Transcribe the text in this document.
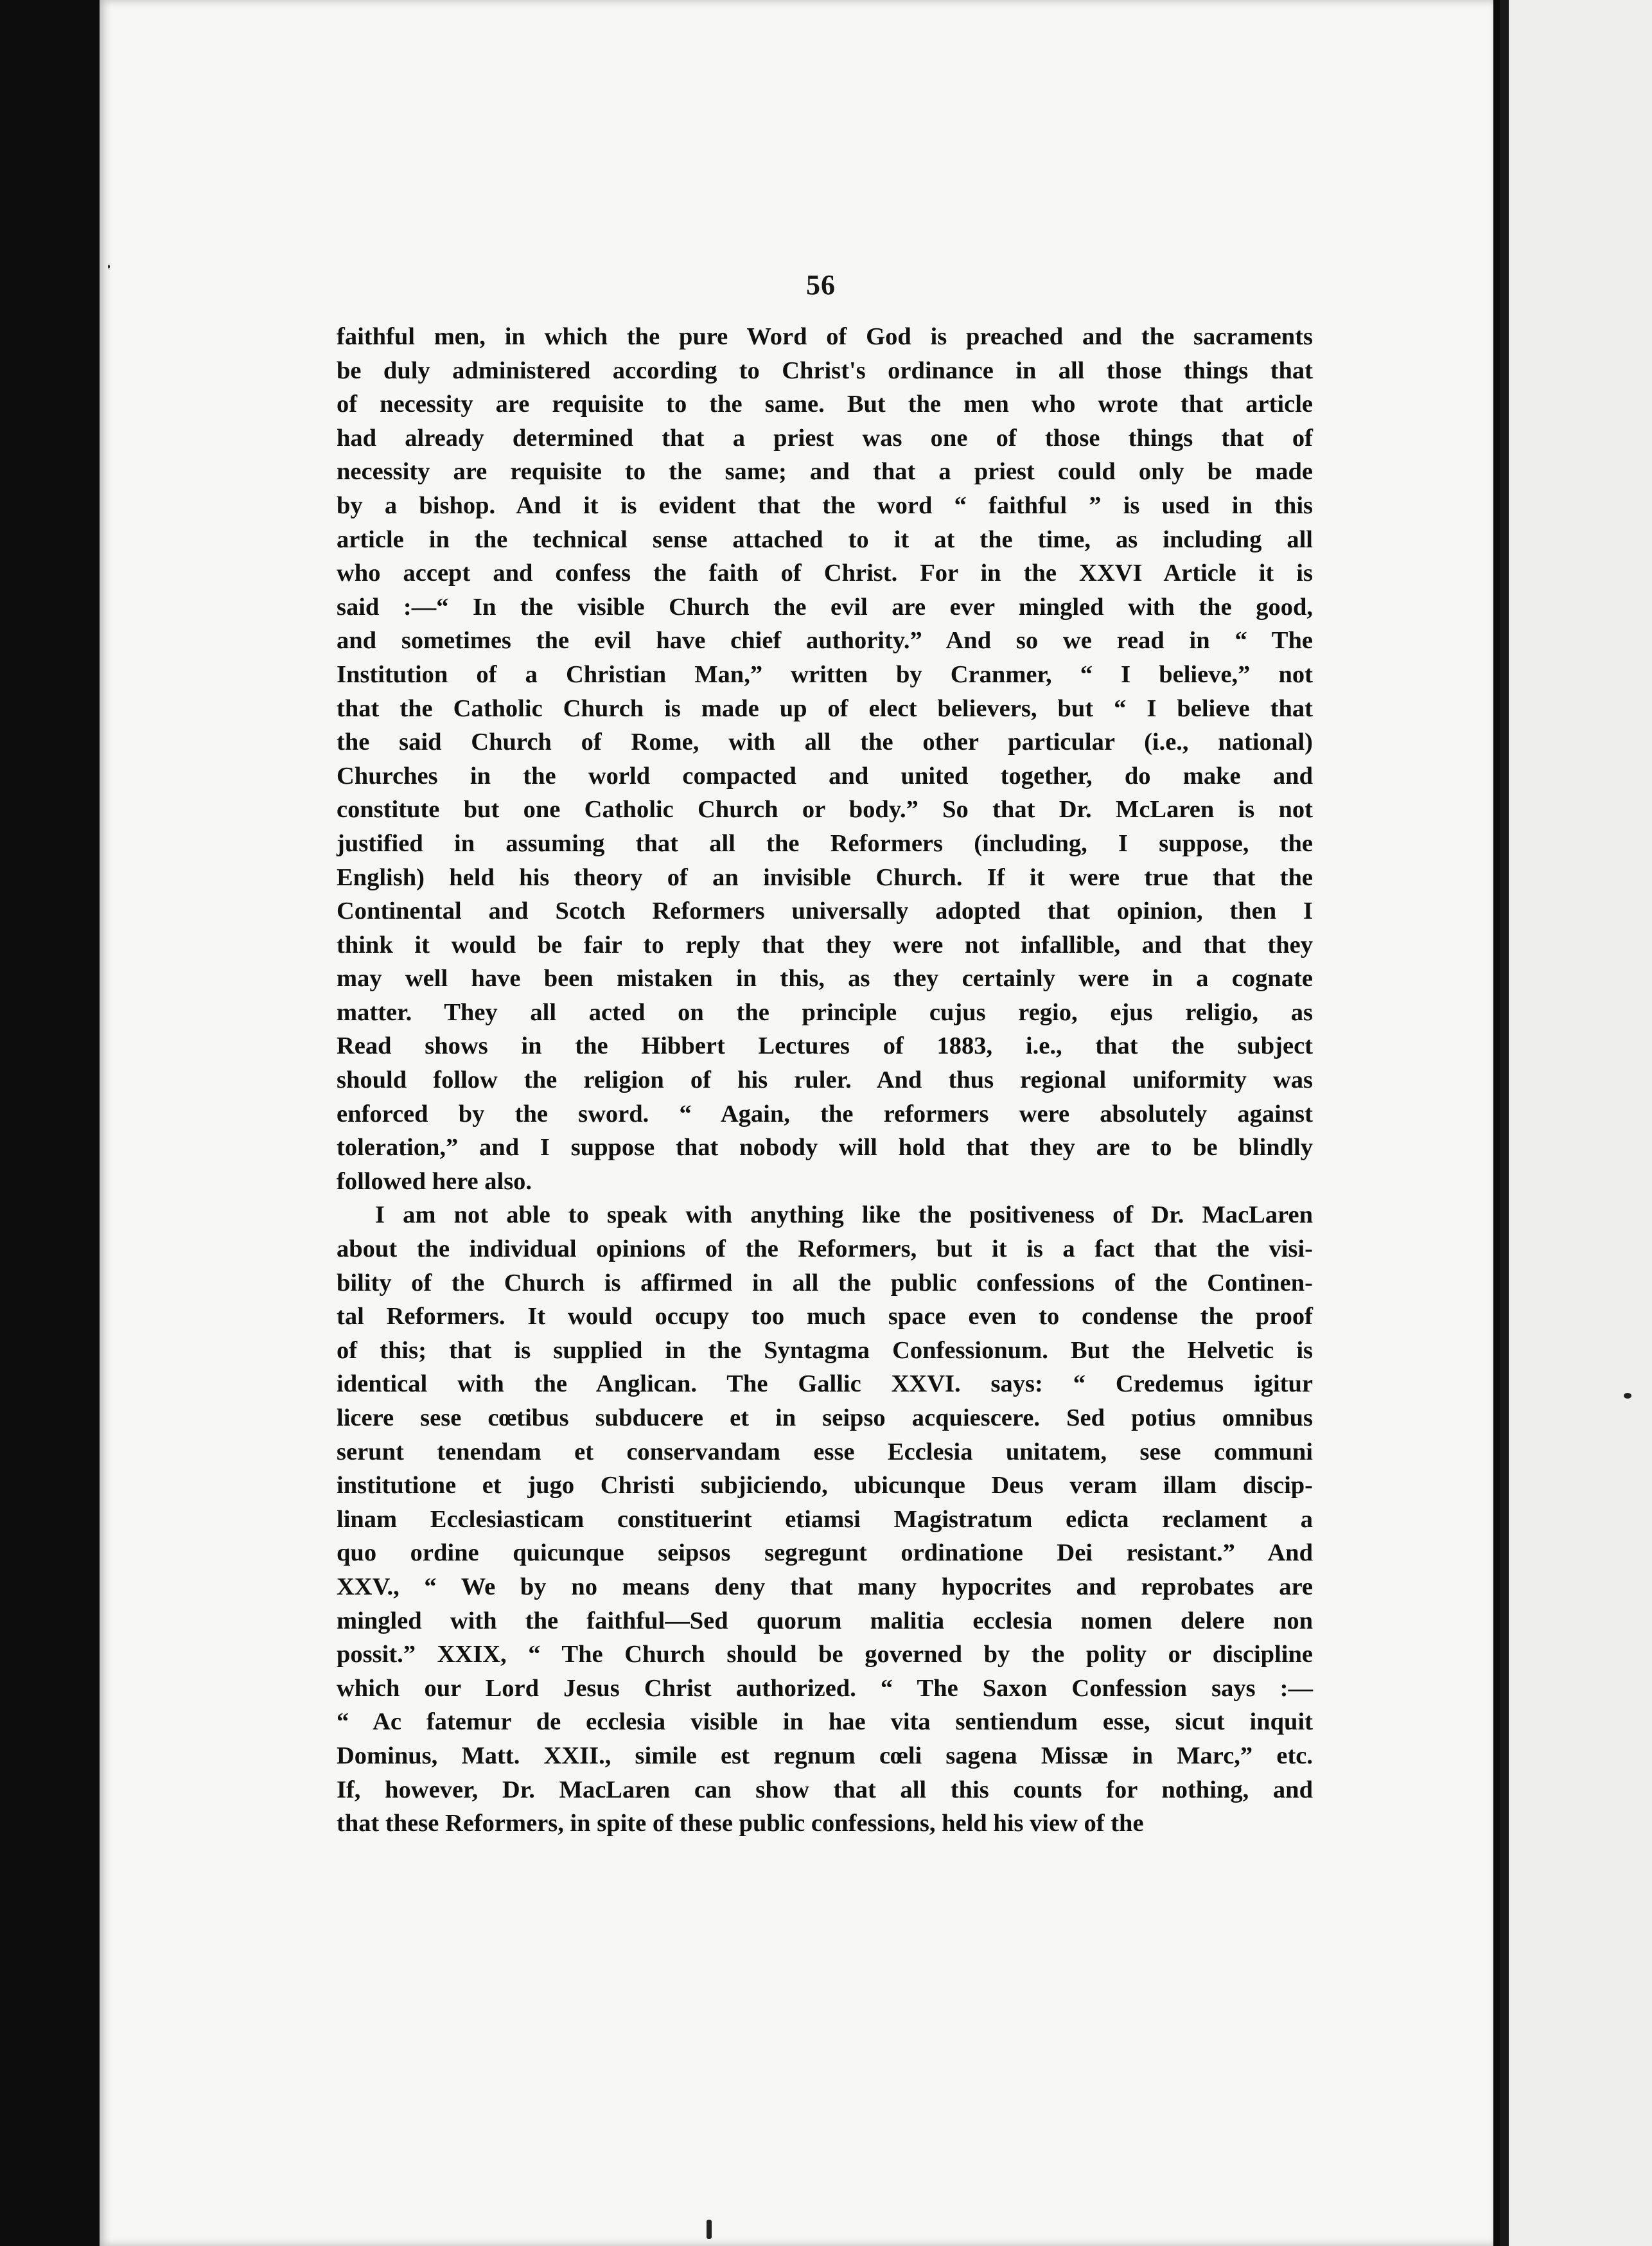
56
faithful men, in which the pure Word of God is preached and the sacraments
be duly administered according to Christ's ordinance in all those things that
of necessity are requisite to the same. But the men who wrote that article
had already determined that a priest was one of those things that of
necessity are requisite to the same; and that a priest could only be made
by a bishop. And it is evident that the word “ faithful ” is used in this
article in the technical sense attached to it at the time, as including all
who accept and confess the faith of Christ. For in the XXVI Article it is
said :—“ In the visible Church the evil are ever mingled with the good,
and sometimes the evil have chief authority.” And so we read in “ The
Institution of a Christian Man,” written by Cranmer, “ I believe,” not
that the Catholic Church is made up of elect believers, but “ I believe that
the said Church of Rome, with all the other particular (i.e., national)
Churches in the world compacted and united together, do make and
constitute but one Catholic Church or body.” So that Dr. McLaren is not
justified in assuming that all the Reformers (including, I suppose, the
English) held his theory of an invisible Church. If it were true that the
Continental and Scotch Reformers universally adopted that opinion, then I
think it would be fair to reply that they were not infallible, and that they
may well have been mistaken in this, as they certainly were in a cognate
matter. They all acted on the principle cujus regio, ejus religio, as
Read shows in the Hibbert Lectures of 1883, i.e., that the subject
should follow the religion of his ruler. And thus regional uniformity was
enforced by the sword. “ Again, the reformers were absolutely against
toleration,” and I suppose that nobody will hold that they are to be blindly
followed here also.
I am not able to speak with anything like the positiveness of Dr. MacLaren
about the individual opinions of the Reformers, but it is a fact that the visi-
bility of the Church is affirmed in all the public confessions of the Continen-
tal Reformers. It would occupy too much space even to condense the proof
of this; that is supplied in the Syntagma Confessionum. But the Helvetic is
identical with the Anglican. The Gallic XXVI. says: “ Credemus igitur
licere sese cœtibus subducere et in seipso acquiescere. Sed potius omnibus
serunt tenendam et conservandam esse Ecclesia unitatem, sese communi
institutione et jugo Christi subjiciendo, ubicunque Deus veram illam discip-
linam Ecclesiasticam constituerint etiamsi Magistratum edicta reclament a
quo ordine quicunque seipsos segregunt ordinatione Dei resistant.” And
XXV., “ We by no means deny that many hypocrites and reprobates are
mingled with the faithful—Sed quorum malitia ecclesia nomen delere non
possit.” XXIX, “ The Church should be governed by the polity or discipline
which our Lord Jesus Christ authorized. “ The Saxon Confession says :—
“ Ac fatemur de ecclesia visible in hae vita sentiendum esse, sicut inquit
Dominus, Matt. XXII., simile est regnum cœli sagena Missæ in Marc,” etc.
If, however, Dr. MacLaren can show that all this counts for nothing, and
that these Reformers, in spite of these public confessions, held his view of the
